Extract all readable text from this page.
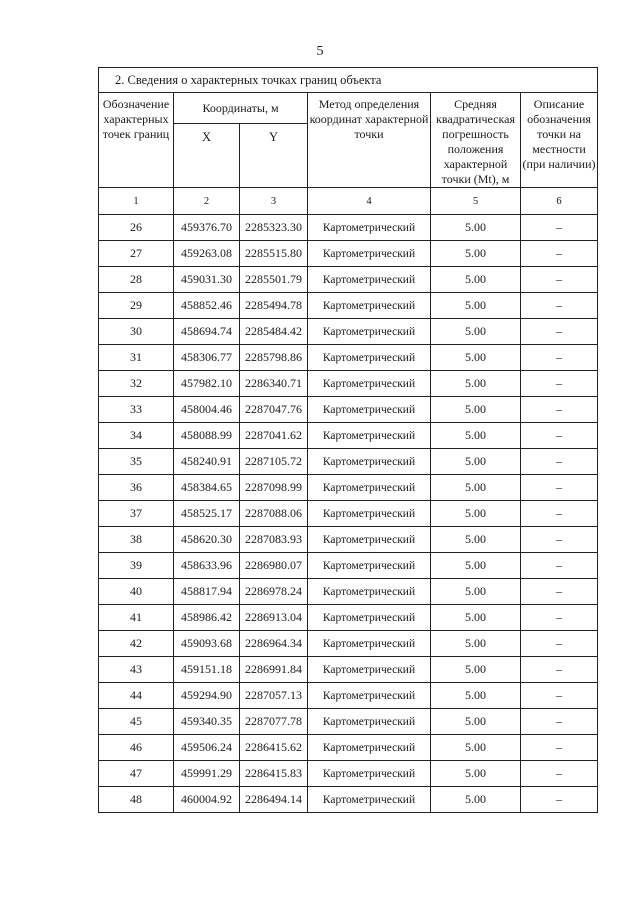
5
2. Сведения о характерных точках границ объекта					
Обозначение характерных точек границ	Координаты, м		Метод определения координат характерной точки	Средняя квадратическая погрешность положения характерной точки (Mt), м	Описание обозначения точки на местности (при наличии)
	X	Y			
1	2	3	4	5	6
26	459376.70	2285323.30	Картометрический	5.00	–
27	459263.08	2285515.80	Картометрический	5.00	–
28	459031.30	2285501.79	Картометрический	5.00	–
29	458852.46	2285494.78	Картометрический	5.00	–
30	458694.74	2285484.42	Картометрический	5.00	–
31	458306.77	2285798.86	Картометрический	5.00	–
32	457982.10	2286340.71	Картометрический	5.00	–
33	458004.46	2287047.76	Картометрический	5.00	–
34	458088.99	2287041.62	Картометрический	5.00	–
35	458240.91	2287105.72	Картометрический	5.00	–
36	458384.65	2287098.99	Картометрический	5.00	–
37	458525.17	2287088.06	Картометрический	5.00	–
38	458620.30	2287083.93	Картометрический	5.00	–
39	458633.96	2286980.07	Картометрический	5.00	–
40	458817.94	2286978.24	Картометрический	5.00	–
41	458986.42	2286913.04	Картометрический	5.00	–
42	459093.68	2286964.34	Картометрический	5.00	–
43	459151.18	2286991.84	Картометрический	5.00	–
44	459294.90	2287057.13	Картометрический	5.00	–
45	459340.35	2287077.78	Картометрический	5.00	–
46	459506.24	2286415.62	Картометрический	5.00	–
47	459991.29	2286415.83	Картометрический	5.00	–
48	460004.92	2286494.14	Картометрический	5.00	–
